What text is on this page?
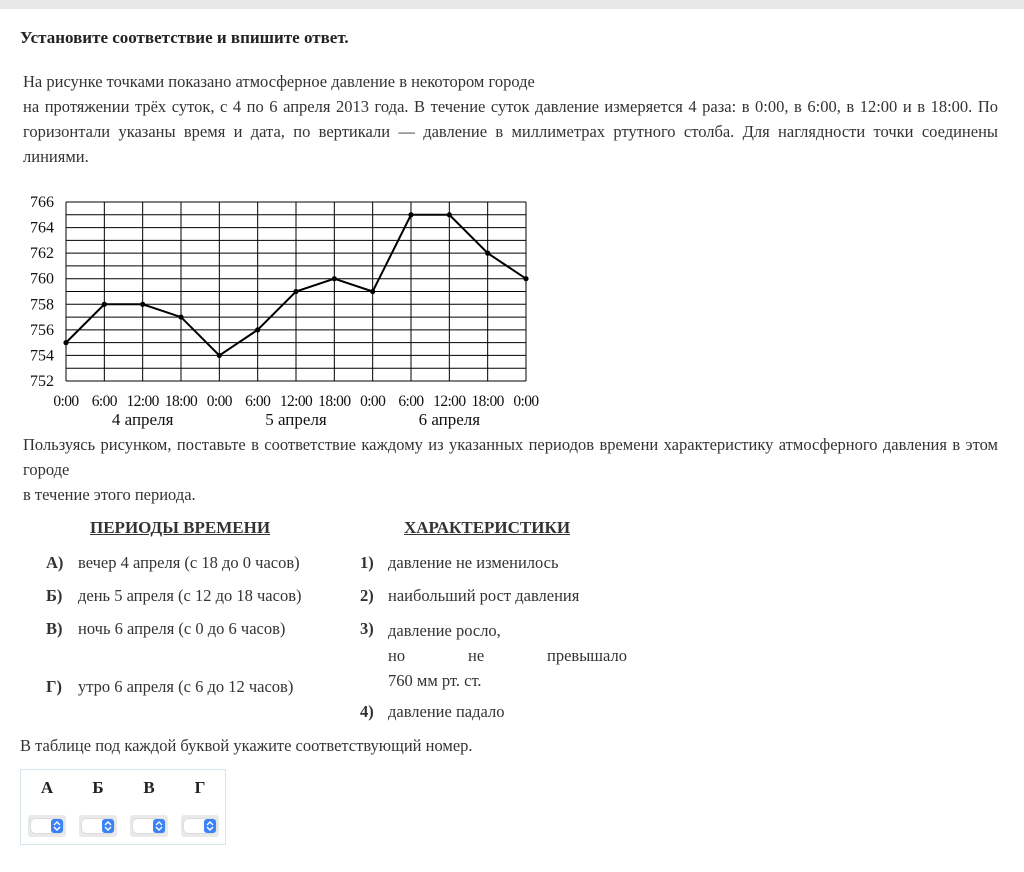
Установите соответствие и впишите ответ.

На рисунке точками показано атмосферное давление в некотором городе

на протяжении трёх суток, с 4 по 6 апреля 2013 года. В течение суток давление измеряется 4 раза: в 0:00, в 6:00, в 12:00 и в 18:00. По горизонтали указаны время и дата, по вертикали — давление в миллиметрах ртутного столба. Для наглядности точки соединены линиями.

766
764
762
760
758
756
754
752
0:00 6:00 12:00 18:00 0:00 6:00 12:00 18:00 0:00 6:00 12:00 18:00 0:00
4 апреля	5 апреля	6 апреля

Пользуясь рисунком, поставьте в соответствие каждому из указанных периодов времени характеристику атмосферного давления в этом городе

в течение этого периода.

ПЕРИОДЫ ВРЕМЕНИ	ХАРАКТЕРИСТИКИ
А) вечер 4 апреля (с 18 до 0 часов)
Б) день 5 апреля (с 12 до 18 часов)
В) ночь 6 апреля (с 0 до 6 часов)
Г) утро 6 апреля (с 6 до 12 часов)
1) давление не изменилось
2) наибольший рост давления
3) давление росло,
но	не	превышало
760 мм рт. ст.
4) давление падало
В таблице под каждой буквой укажите соответствующий номер.
А	Б	В	Г
